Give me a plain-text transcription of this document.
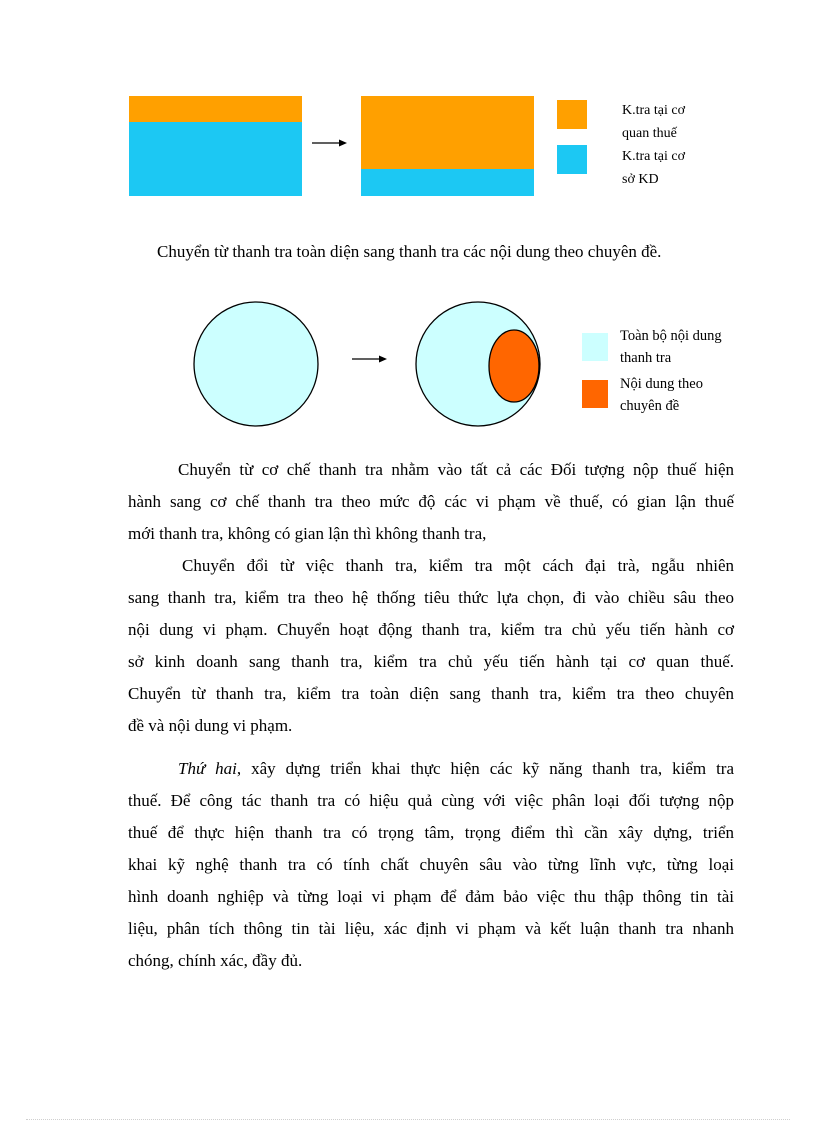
K.tra tại cơ
quan thuế
K.tra tại cơ
sở KD
Chuyển từ thanh tra toàn diện sang thanh tra các nội dung theo chuyên đề.
Toàn bộ nội dung
thanh tra
Nội dung theo
chuyên đề
Chuyển từ cơ chế thanh tra nhằm vào tất cả các Đối tượng nộp thuế hiện
hành sang cơ chế thanh tra theo mức độ các vi phạm về thuế, có gian lận thuế
mới thanh tra, không có gian lận thì không thanh tra,
Chuyển đổi từ việc thanh tra, kiểm tra một cách đại trà, ngẫu nhiên
sang thanh tra, kiểm tra theo hệ thống tiêu thức lựa chọn, đi vào chiều sâu theo
nội dung vi phạm. Chuyển hoạt động thanh tra, kiểm tra chủ yếu tiến hành cơ
sở kinh doanh sang thanh tra, kiểm tra chủ yếu tiến hành tại cơ quan thuế.
Chuyển từ thanh tra, kiểm tra toàn diện sang thanh tra, kiểm tra theo chuyên
đề và nội dung vi phạm.
Thứ hai, xây dựng triển khai thực hiện các kỹ năng thanh tra, kiểm tra
thuế. Để công tác thanh tra có hiệu quả cùng với việc phân loại đối tượng nộp
thuế để thực hiện thanh tra có trọng tâm, trọng điểm thì cần xây dựng, triển
khai kỹ nghệ thanh tra có tính chất chuyên sâu vào từng lĩnh vực, từng loại
hình doanh nghiệp và từng loại vi phạm để đảm bảo việc thu thập thông tin tài
liệu, phân tích thông tin tài liệu, xác định vi phạm và kết luận thanh tra nhanh
chóng, chính xác, đầy đủ.
